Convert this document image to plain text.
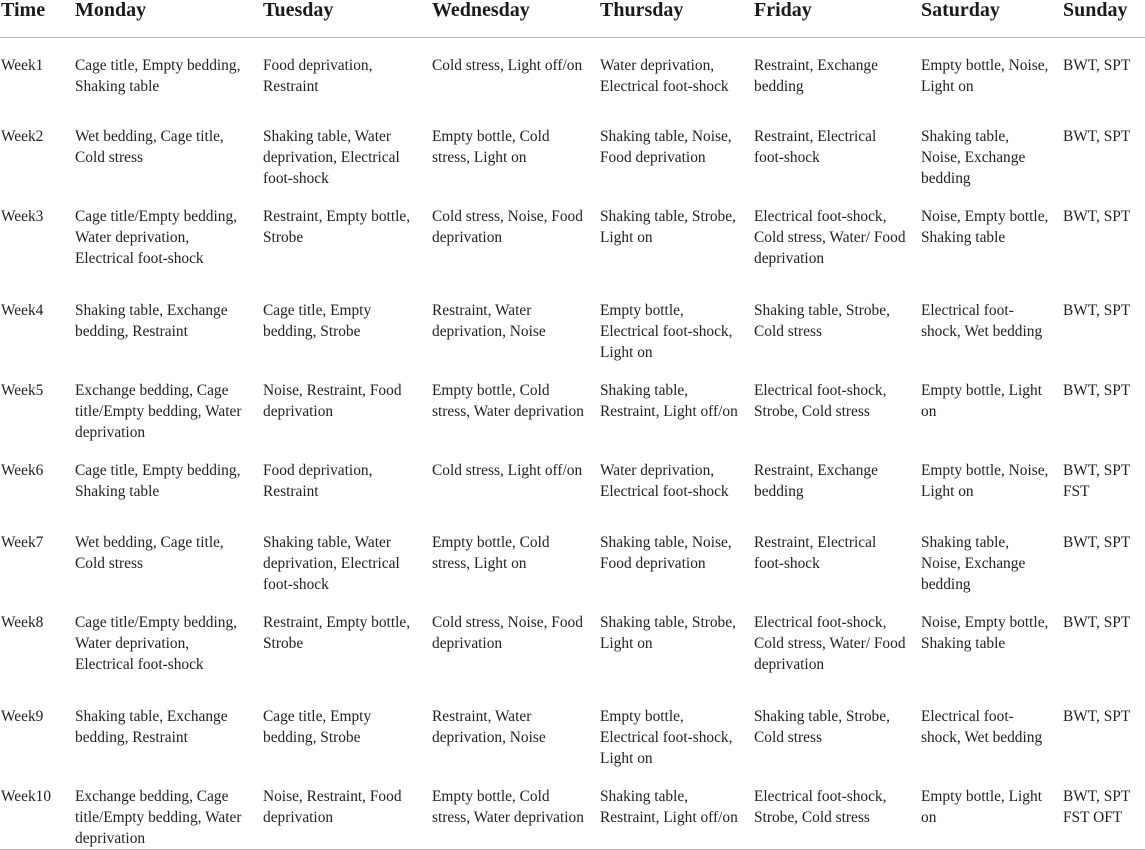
Time	Monday	Tuesday	Wednesday	Thursday	Friday	Saturday	Sunday
Week1	Cage title, Empty bedding, Shaking table	Food deprivation, Restraint	Cold stress, Light off/on	Water deprivation, Electrical foot-shock	Restraint, Exchange bedding	Empty bottle, Noise, Light on	BWT, SPT
Week2	Wet bedding, Cage title, Cold stress	Shaking table, Water deprivation, Electrical foot-shock	Empty bottle, Cold stress, Light on	Shaking table, Noise, Food deprivation	Restraint, Electrical foot-shock	Shaking table, Noise, Exchange bedding	BWT, SPT
Week3	Cage title/Empty bedding, Water deprivation, Electrical foot-shock	Restraint, Empty bottle, Strobe	Cold stress, Noise, Food deprivation	Shaking table, Strobe, Light on	Electrical foot-shock, Cold stress, Water/ Food deprivation	Noise, Empty bottle, Shaking table	BWT, SPT
Week4	Shaking table, Exchange bedding, Restraint	Cage title, Empty bedding, Strobe	Restraint, Water deprivation, Noise	Empty bottle, Electrical foot-shock, Light on	Shaking table, Strobe, Cold stress	Electrical foot-shock, Wet bedding	BWT, SPT
Week5	Exchange bedding, Cage title/Empty bedding, Water deprivation	Noise, Restraint, Food deprivation	Empty bottle, Cold stress, Water deprivation	Shaking table, Restraint, Light off/on	Electrical foot-shock, Strobe, Cold stress	Empty bottle, Light on	BWT, SPT
Week6	Cage title, Empty bedding, Shaking table	Food deprivation, Restraint	Cold stress, Light off/on	Water deprivation, Electrical foot-shock	Restraint, Exchange bedding	Empty bottle, Noise, Light on	BWT, SPT FST
Week7	Wet bedding, Cage title, Cold stress	Shaking table, Water deprivation, Electrical foot-shock	Empty bottle, Cold stress, Light on	Shaking table, Noise, Food deprivation	Restraint, Electrical foot-shock	Shaking table, Noise, Exchange bedding	BWT, SPT
Week8	Cage title/Empty bedding, Water deprivation, Electrical foot-shock	Restraint, Empty bottle, Strobe	Cold stress, Noise, Food deprivation	Shaking table, Strobe, Light on	Electrical foot-shock, Cold stress, Water/ Food deprivation	Noise, Empty bottle, Shaking table	BWT, SPT
Week9	Shaking table, Exchange bedding, Restraint	Cage title, Empty bedding, Strobe	Restraint, Water deprivation, Noise	Empty bottle, Electrical foot-shock, Light on	Shaking table, Strobe, Cold stress	Electrical foot-shock, Wet bedding	BWT, SPT
Week10	Exchange bedding, Cage title/Empty bedding, Water deprivation	Noise, Restraint, Food deprivation	Empty bottle, Cold stress, Water deprivation	Shaking table, Restraint, Light off/on	Electrical foot-shock, Strobe, Cold stress	Empty bottle, Light on	BWT, SPT FST OFT
